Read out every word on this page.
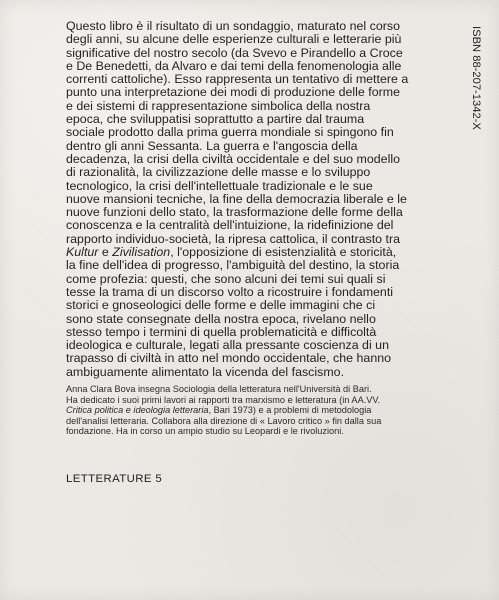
Questo libro è il risultato di un sondaggio, maturato nel corso
degli anni, su alcune delle esperienze culturali e letterarie più
significative del nostro secolo (da Svevo e Pirandello a Croce
e De Benedetti, da Alvaro e dai temi della fenomenologia alle
correnti cattoliche). Esso rappresenta un tentativo di mettere a
punto una interpretazione dei modi di produzione delle forme
e dei sistemi di rappresentazione simbolica della nostra
epoca, che sviluppatisi soprattutto a partire dal trauma
sociale prodotto dalla prima guerra mondiale si spingono fin
dentro gli anni Sessanta. La guerra e l'angoscia della
decadenza, la crisi della civiltà occidentale e del suo modello
di razionalità, la civilizzazione delle masse e lo sviluppo
tecnologico, la crisi dell'intellettuale tradizionale e le sue
nuove mansioni tecniche, la fine della democrazia liberale e le
nuove funzioni dello stato, la trasformazione delle forme della
conoscenza e la centralità dell'intuizione, la ridefinizione del
rapporto individuo-società, la ripresa cattolica, il contrasto tra
Kultur e Zivilisation, l'opposizione di esistenzialità e storicità,
la fine dell'idea di progresso, l'ambiguità del destino, la storia
come profezia: questi, che sono alcuni dei temi sui quali si
tesse la trama di un discorso volto a ricostruire i fondamenti
storici e gnoseologici delle forme e delle immagini che ci
sono state consegnate della nostra epoca, rivelano nello
stesso tempo i termini di quella problematicità e difficoltà
ideologica e culturale, legati alla pressante coscienza di un
trapasso di civiltà in atto nel mondo occidentale, che hanno
ambiguamente alimentato la vicenda del fascismo.

Anna Clara Bova insegna Sociologia della letteratura nell'Università di Bari.
Ha dedicato i suoi primi lavori ai rapporti tra marxismo e letteratura (in AA.VV.
Critica politica e ideologia letteraria, Bari 1973) e a problemi di metodologia
dell'analisi letteraria. Collabora alla direzione di « Lavoro critico » fin dalla sua
fondazione. Ha in corso un ampio studio su Leopardi e le rivoluzioni.

LETTERATURE 5
ISBN 88-207-1342-X
